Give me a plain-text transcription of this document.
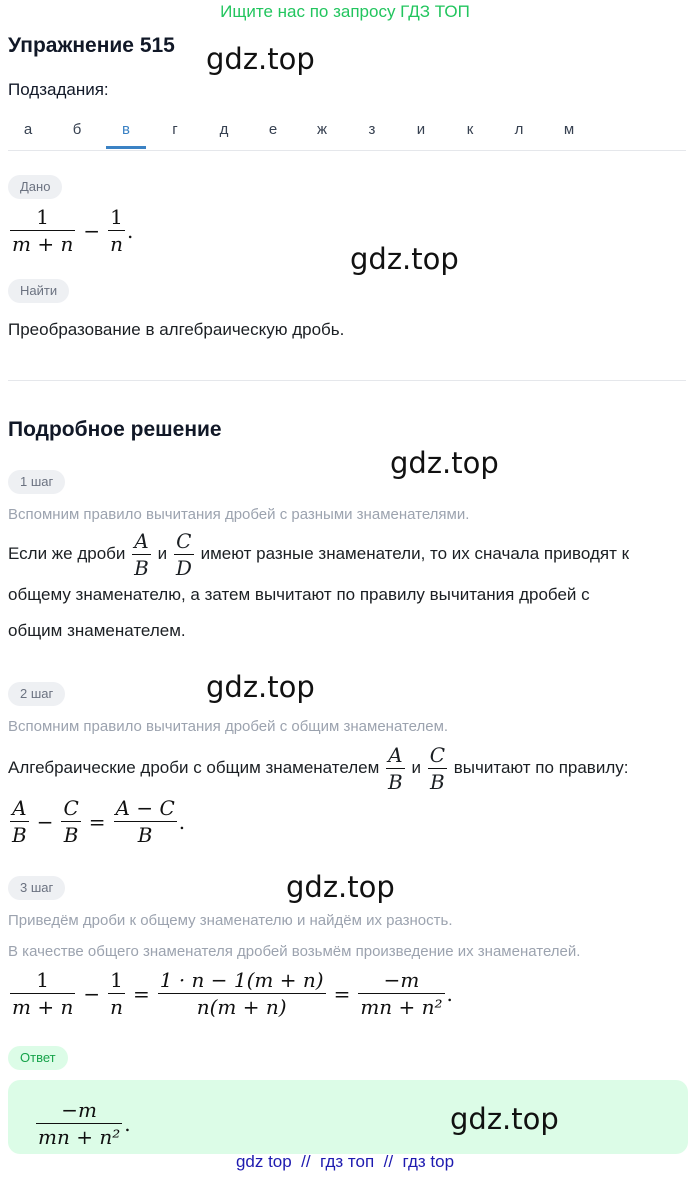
Ищите нас по запросу ГДЗ ТОП
Упражнение 515
Подзадания:
а	б	в	г	д	е	ж	з	и	к	л	м
Дано
$\frac{1}{m + n} - \frac{1}{n}$ .
Найти
Преобразование в алгебраическую дробь.
Подробное решение
1 шаг
Вспомним правило вычитания дробей с разными знаменателями.
Если же дроби $\frac{A}{B}$ и $\frac{C}{D}$ имеют разные знаменатели, то их сначала приводят к
общему знаменателю, а затем вычитают по правилу вычитания дробей с
общим знаменателем.
2 шаг
Вспомним правило вычитания дробей с общим знаменателем.
Алгебраические дроби с общим знаменателем $\frac{A}{B}$ и $\frac{C}{B}$ вычитают по правилу:
$\frac{A}{B} - \frac{C}{B} = \frac{A - C}{B}$ .
3 шаг
Приведём дроби к общему знаменателю и найдём их разность.
В качестве общего знаменателя дробей возьмём произведение их знаменателей.
$\frac{1}{m + n} - \frac{1}{n} = \frac{1 \cdot n - 1(m + n)}{n(m + n)} = \frac{-m}{\text{mn + n²}}$ .
Ответ
$\frac{-m}{\text{mn + n²}}$ .
gdz.top
gdz.top
gdz.top
gdz.top
gdz.top
gdz.top
gdz top  //  гдз топ  //  гдз top
